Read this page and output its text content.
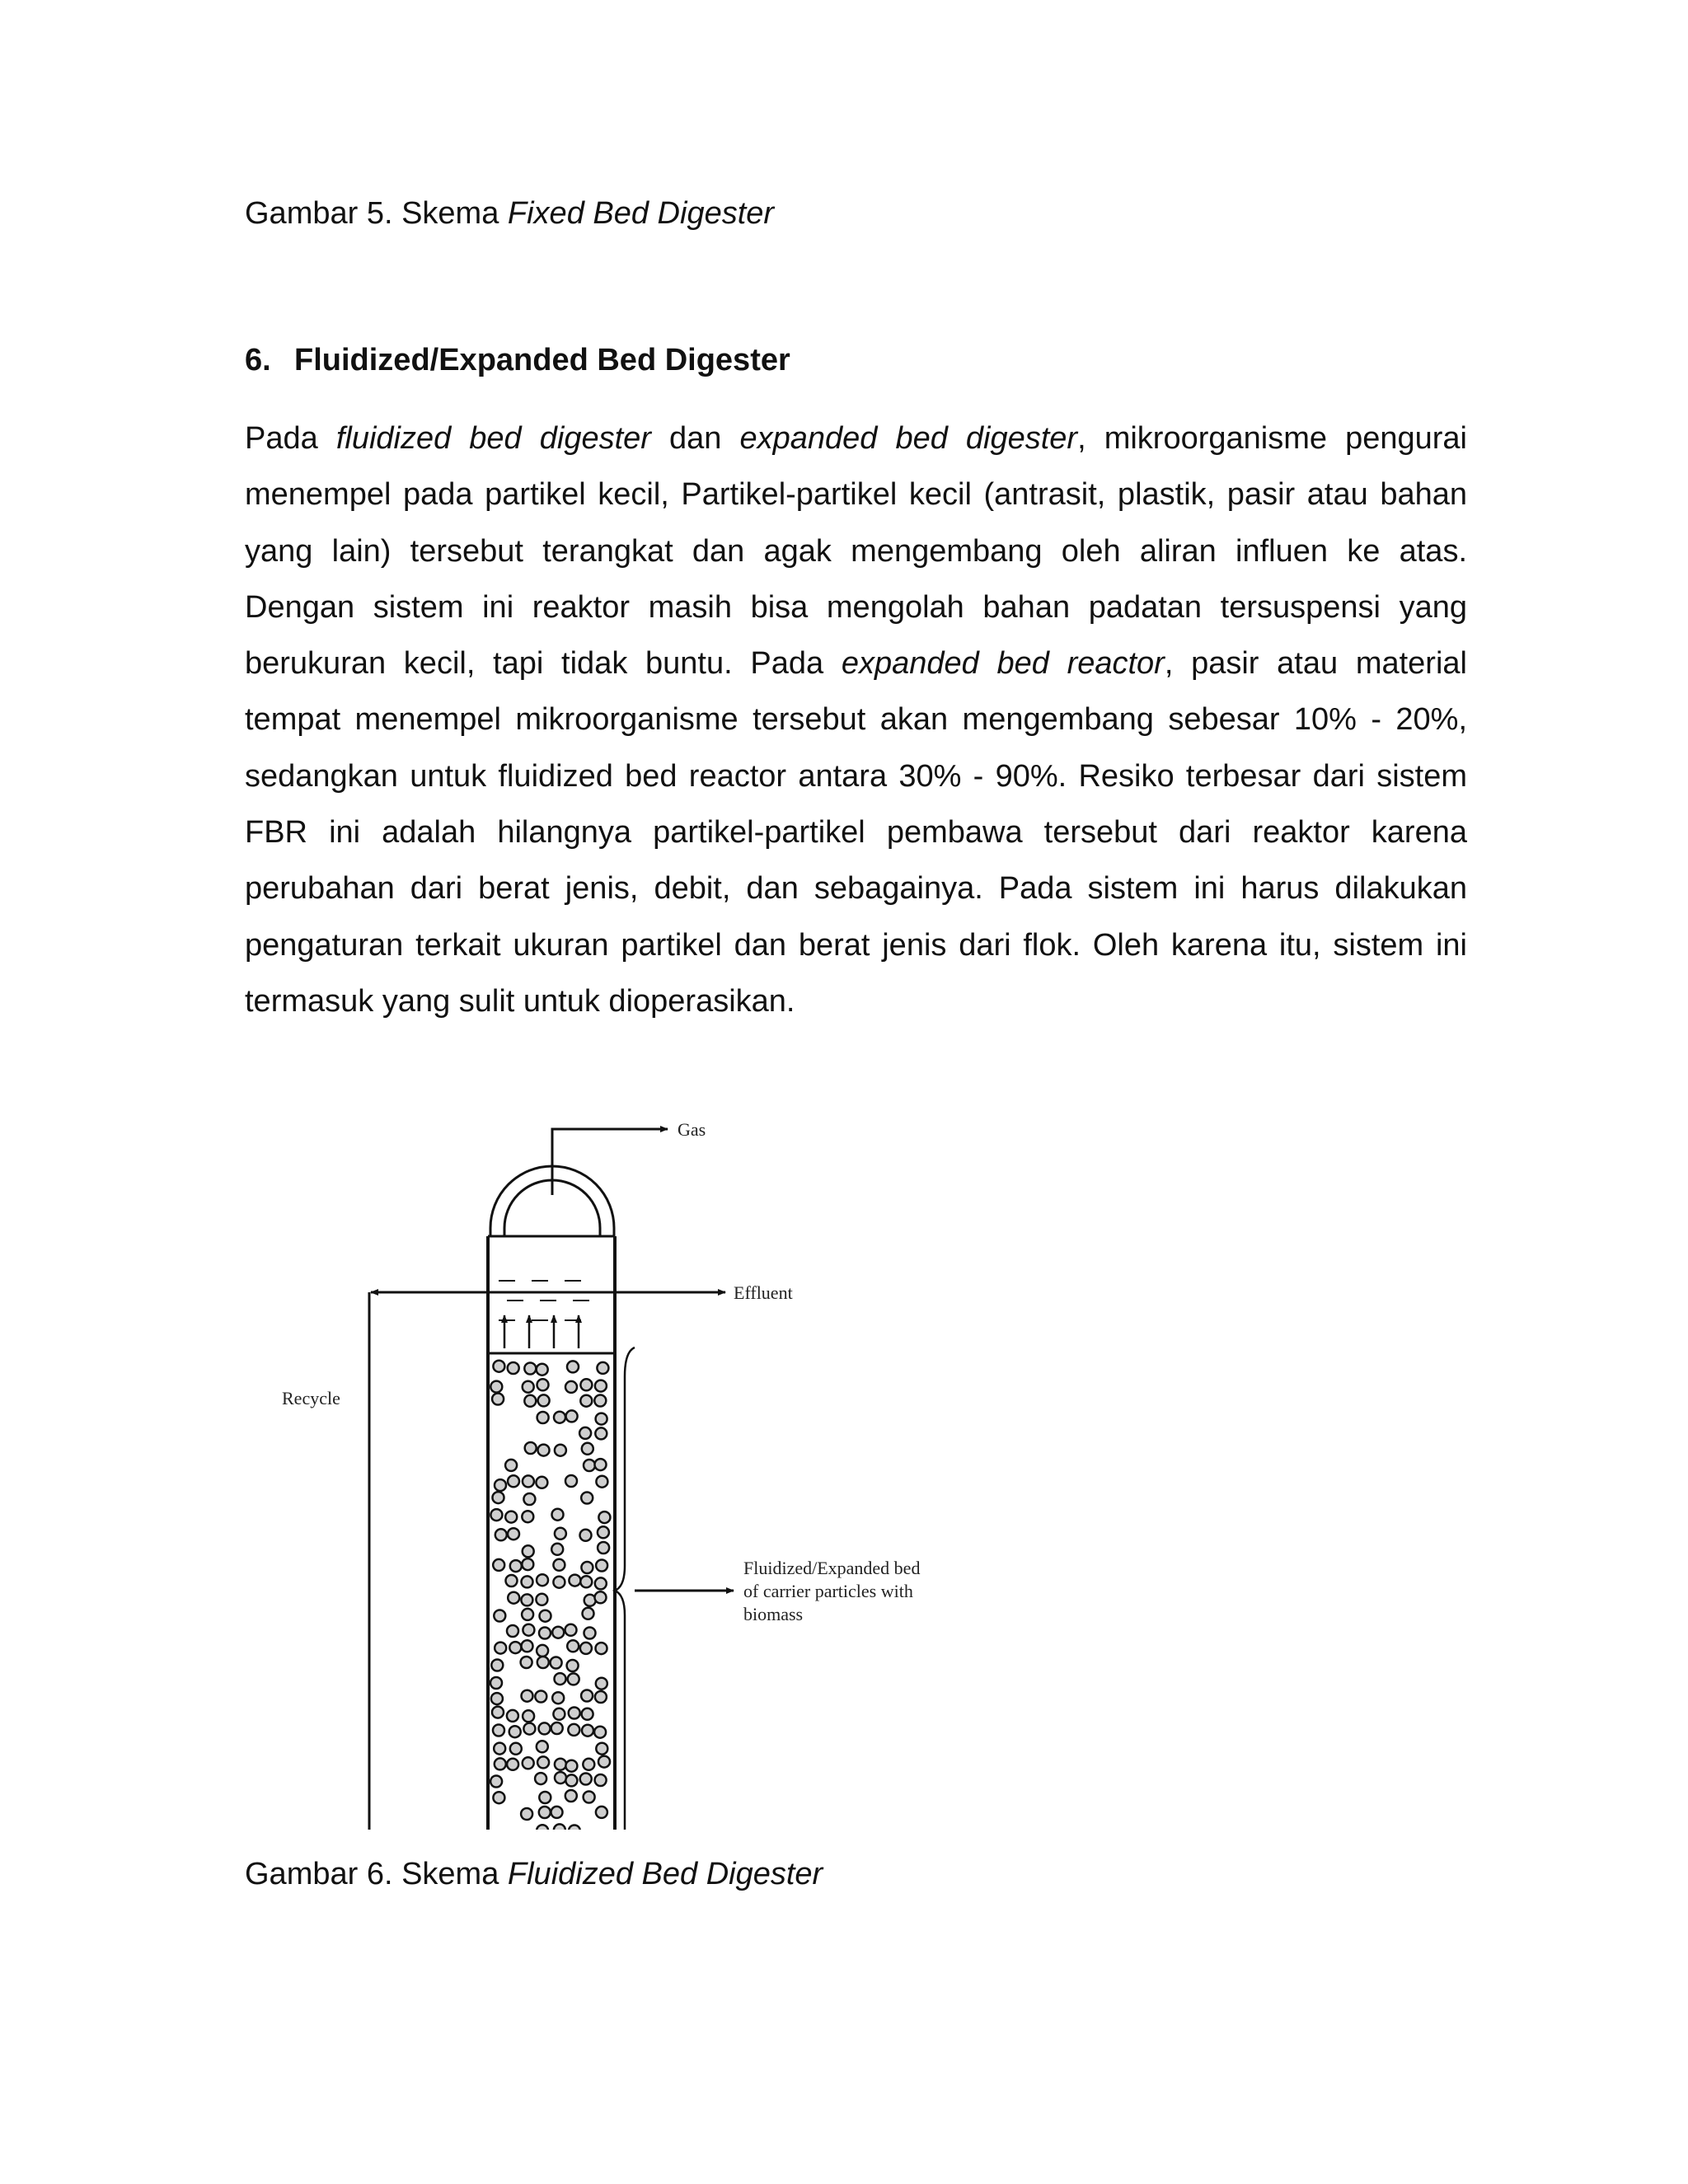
Gambar 5. Skema Fixed Bed Digester
6. Fluidized/Expanded Bed Digester
Pada fluidized bed digester dan expanded bed digester, mikroorganisme pengurai
menempel pada partikel kecil, Partikel-partikel kecil (antrasit, plastik, pasir atau bahan
yang lain) tersebut terangkat dan agak mengembang oleh aliran influen ke atas.
Dengan sistem ini reaktor masih bisa mengolah bahan padatan tersuspensi yang
berukuran kecil, tapi tidak buntu. Pada expanded bed reactor, pasir atau material
tempat menempel mikroorganisme tersebut akan mengembang sebesar 10% - 20%,
sedangkan untuk fluidized bed reactor antara 30% - 90%. Resiko terbesar dari sistem
FBR ini adalah hilangnya partikel-partikel pembawa tersebut dari reaktor karena
perubahan dari berat jenis, debit, dan sebagainya. Pada sistem ini harus dilakukan
pengaturan terkait ukuran partikel dan berat jenis dari flok. Oleh karena itu, sistem ini
termasuk yang sulit untuk dioperasikan.
Gas
Effluent
Recycle
Fluidized/Expanded bed
of carrier particles with
biomass
Gambar 6. Skema Fluidized Bed Digester
